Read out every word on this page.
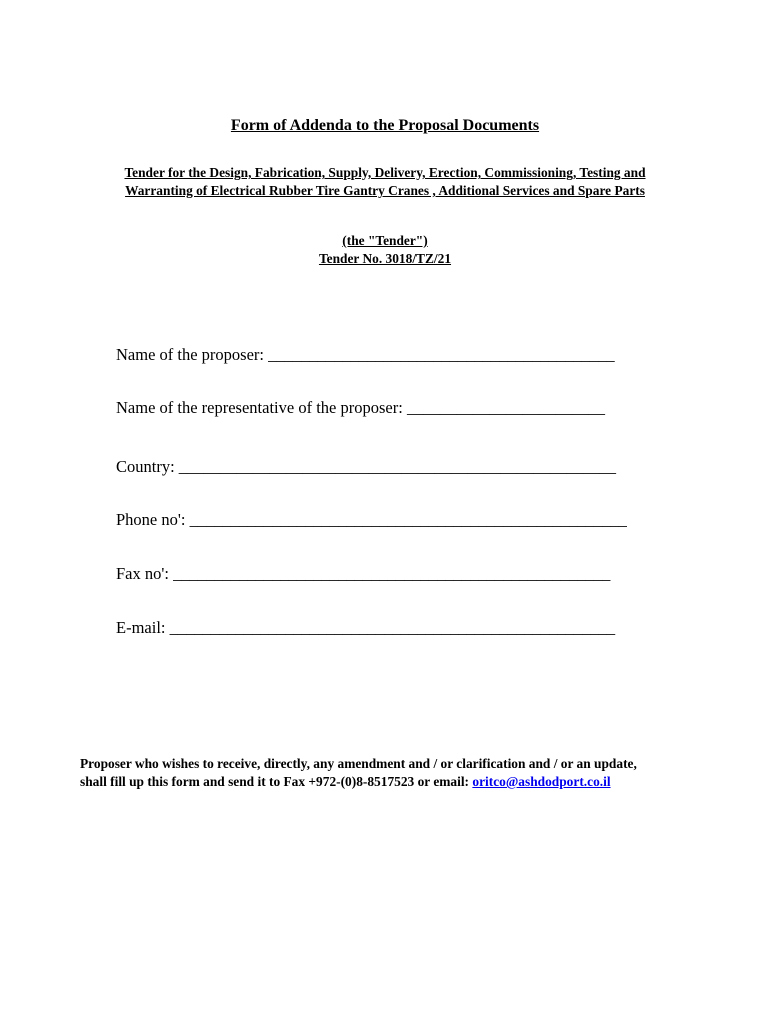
Form of Addenda to the Proposal Documents

Tender for the Design, Fabrication, Supply, Delivery, Erection, Commissioning, Testing and Warranting of Electrical Rubber Tire Gantry Cranes , Additional Services and Spare Parts

(the "Tender")
Tender No. 3018/TZ/21

Name of the proposer: __________________________________________

Name of the representative of the proposer: ________________________

Country: _____________________________________________________

Phone no': _____________________________________________________

Fax no': _____________________________________________________

E-mail: ______________________________________________________

Proposer who wishes to receive, directly, any amendment and / or clarification and / or an update, shall fill up this form and send it to Fax +972-(0)8-8517523 or email: oritco@ashdodport.co.il
